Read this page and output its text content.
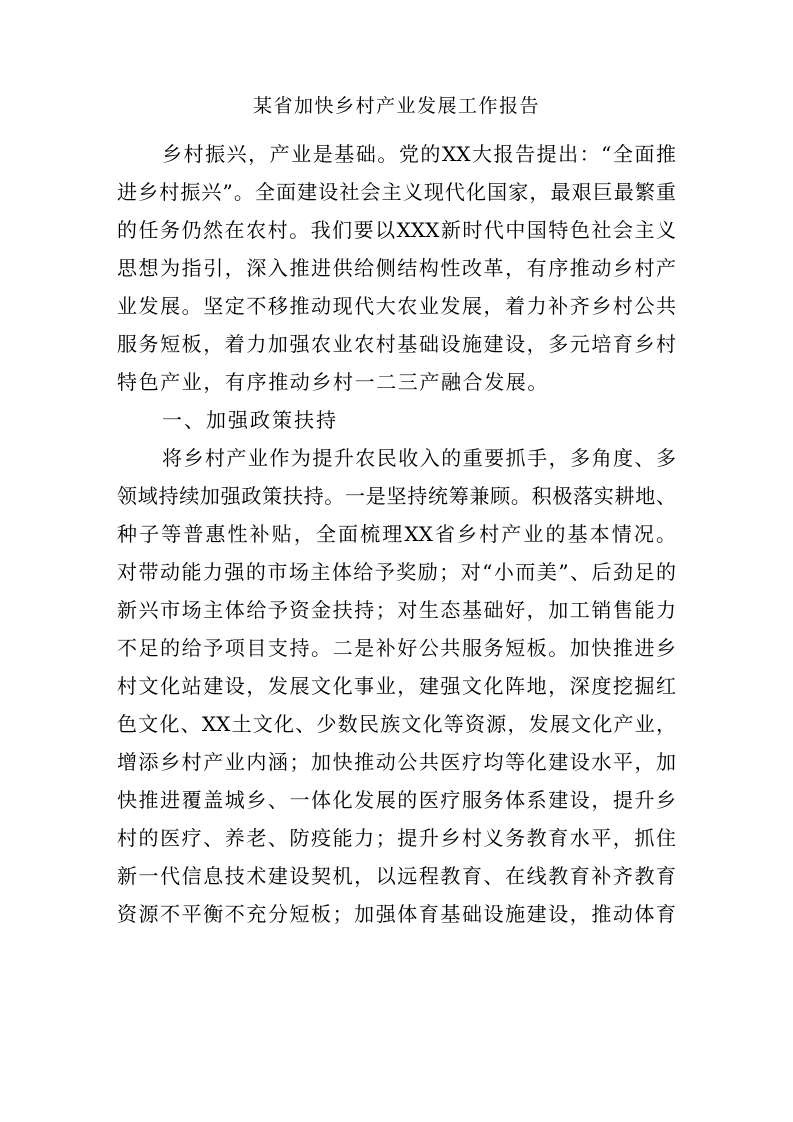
某省加快乡村产业发展工作报告
乡村振兴，产业是基础。党的XX大报告提出：“全面推
进乡村振兴”。全面建设社会主义现代化国家，最艰巨最繁重
的任务仍然在农村。我们要以XXX新时代中国特色社会主义
思想为指引，深入推进供给侧结构性改革，有序推动乡村产
业发展。坚定不移推动现代大农业发展，着力补齐乡村公共
服务短板，着力加强农业农村基础设施建设，多元培育乡村
特色产业，有序推动乡村一二三产融合发展。
一、加强政策扶持
将乡村产业作为提升农民收入的重要抓手，多角度、多
领域持续加强政策扶持。一是坚持统筹兼顾。积极落实耕地、
种子等普惠性补贴，全面梳理XX省乡村产业的基本情况。
对带动能力强的市场主体给予奖励；对“小而美”、后劲足的
新兴市场主体给予资金扶持；对生态基础好，加工销售能力
不足的给予项目支持。二是补好公共服务短板。加快推进乡
村文化站建设，发展文化事业，建强文化阵地，深度挖掘红
色文化、XX土文化、少数民族文化等资源，发展文化产业，
增添乡村产业内涵；加快推动公共医疗均等化建设水平，加
快推进覆盖城乡、一体化发展的医疗服务体系建设，提升乡
村的医疗、养老、防疫能力；提升乡村义务教育水平，抓住
新一代信息技术建设契机，以远程教育、在线教育补齐教育
资源不平衡不充分短板；加强体育基础设施建设，推动体育
